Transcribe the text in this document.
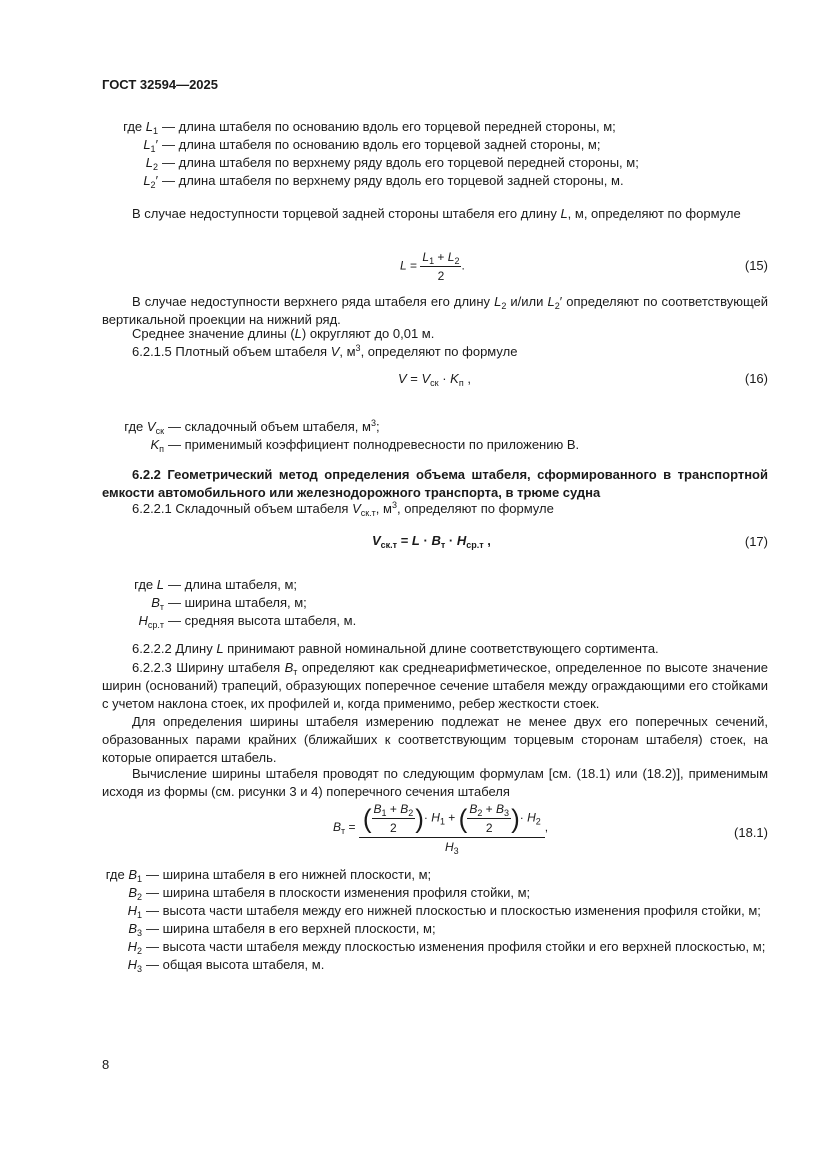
ГОСТ 32594—2025
где $L_1$ — длина штабеля по основанию вдоль его торцевой передней стороны, м;
$L_1'$ — длина штабеля по основанию вдоль его торцевой задней стороны, м;
$L_2$ — длина штабеля по верхнему ряду вдоль его торцевой передней стороны, м;
$L_2'$ — длина штабеля по верхнему ряду вдоль его торцевой задней стороны, м.
В случае недоступности торцевой задней стороны штабеля его длину L, м, определяют по формуле
$L = \frac{L_1 + L_2}{2}$ .	(15)
В случае недоступности верхнего ряда штабеля его длину $L_2$ и/или $L_2'$ определяют по соответствующей вертикальной проекции на нижний ряд.
Среднее значение длины (L) округляют до 0,01 м.
6.2.1.5 Плотный объем штабеля V, $м^3$, определяют по формуле
$V = V_{ск} \cdot K_п$ ,	(16)
где $V_{ск}$ — складочный объем штабеля, $м^3$;
$K_п$ — применимый коэффициент полнодревесности по приложению В.
6.2.2 Геометрический метод определения объема штабеля, сформированного в транспортной емкости автомобильного или железнодорожного транспорта, в трюме судна
6.2.2.1 Складочный объем штабеля $V_{ск.т}$, $м^3$, определяют по формуле
$V_{ск.т} = L \cdot B_т \cdot H_{ср.т}$ ,	(17)
где L — длина штабеля, м;
$B_т$ — ширина штабеля, м;
$H_{ср.т}$ — средняя высота штабеля, м.
6.2.2.2 Длину L принимают равной номинальной длине соответствующего сортимента.
6.2.2.3 Ширину штабеля $B_т$ определяют как среднеарифметическое, определенное по высоте значение ширин (оснований) трапеций, образующих поперечное сечение штабеля между ограждающими его стойками с учетом наклона стоек, их профилей и, когда применимо, ребер жесткости стоек.
Для определения ширины штабеля измерению подлежат не менее двух его поперечных сечений, образованных парами крайних (ближайших к соответствующим торцевым сторонам штабеля) стоек, на которые опирается штабель.
Вычисление ширины штабеля проводят по следующим формулам [см. (18.1) или (18.2)], применимым исходя из формы (см. рисунки 3 и 4) поперечного сечения штабеля
$B_т = \frac{( \frac{B_1 + B_2}{2} )\cdot H_1 + ( \frac{B_2 + B_3}{2} )\cdot H_2}{H_3}$ ,	(18.1)
где $B_1$ — ширина штабеля в его нижней плоскости, м;
$B_2$ — ширина штабеля в плоскости изменения профиля стойки, м;
$H_1$ — высота части штабеля между его нижней плоскостью и плоскостью изменения профиля стойки, м;
$B_3$ — ширина штабеля в его верхней плоскости, м;
$H_2$ — высота части штабеля между плоскостью изменения профиля стойки и его верхней плоскостью, м;
$H_3$ — общая высота штабеля, м.
8
